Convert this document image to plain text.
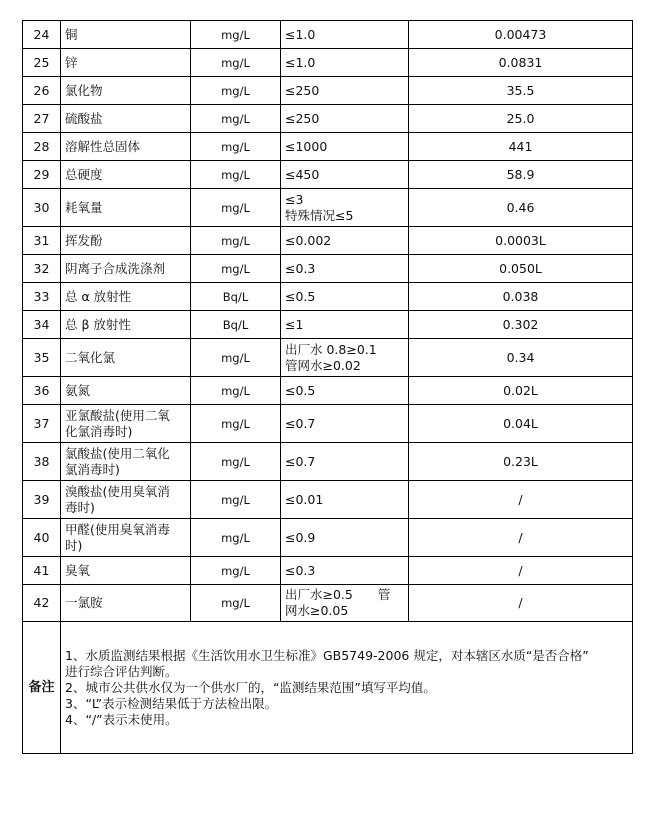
24	铜	mg/L	≤1.0	0.00473

25	锌	mg/L	≤1.0	0.0831

26	氯化物	mg/L	≤250	35.5

27	硫酸盐	mg/L	≤250	25.0

28	溶解性总固体	mg/L	≤1000	441

29	总硬度	mg/L	≤450	58.9

30	耗氧量	mg/L	≤3
特殊情况≤5	0.46

31	挥发酚	mg/L	≤0.002	0.0003L

32	阴离子合成洗涤剂	mg/L	≤0.3	0.050L

33	总 α 放射性	Bq/L	≤0.5	0.038

34	总 β 放射性	Bq/L	≤1	0.302

35	二氧化氯	mg/L	出厂水 0.8≥0.1
管网水≥0.02	0.34

36	氨氮	mg/L	≤0.5	0.02L

37	亚氯酸盐(使用二氧
化氯消毒时)	mg/L	≤0.7	0.04L

38	氯酸盐(使用二氧化
氯消毒时)	mg/L	≤0.7	0.23L

39	溴酸盐(使用臭氧消
毒时)	mg/L	≤0.01	/

40	甲醛(使用臭氧消毒
时)	mg/L	≤0.9	/

41	臭氧	mg/L	≤0.3	/

42	一氯胺	mg/L	出厂水≥0.5　　管
网水≥0.05	/

备注	1、水质监测结果根据《生活饮用水卫生标准》GB5749-2006 规定，对本辖区水质“是否合格”
进行综合评估判断。
2、城市公共供水仅为一个供水厂的，“监测结果范围”填写平均值。
3、“L”表示检测结果低于方法检出限。
4、“/”表示未使用。			
